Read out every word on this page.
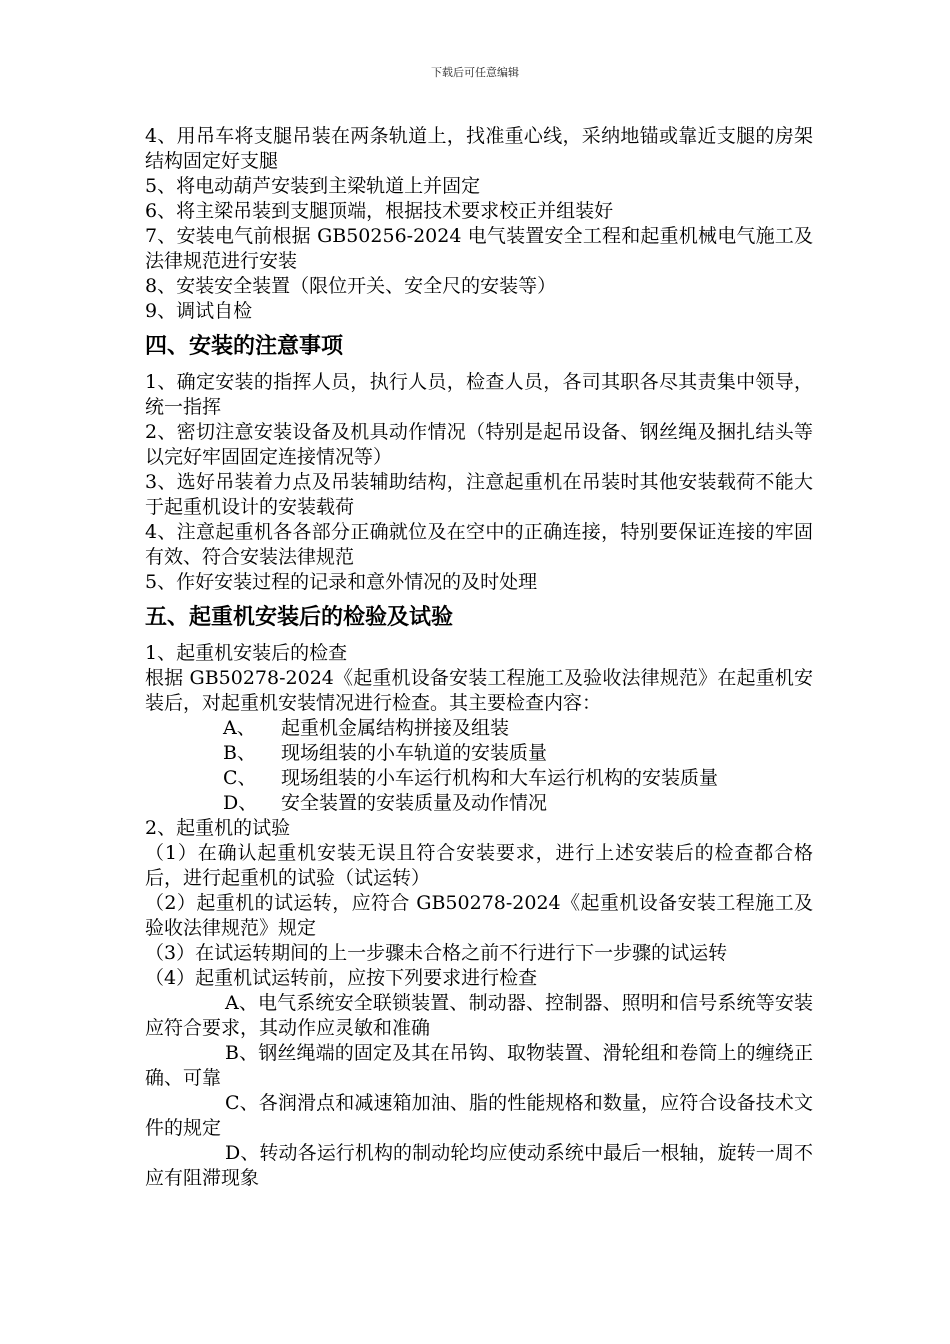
下载后可任意编辑

4、用吊车将支腿吊装在两条轨道上，找准重心线，采纳地锚或靠近支腿的房架结构固定好支腿

5、将电动葫芦安装到主梁轨道上并固定

6、将主梁吊装到支腿顶端，根据技术要求校正并组装好

7、安装电气前根据 GB50256-2024 电气装置安全工程和起重机械电气施工及法律规范进行安装

8、安装安全装置（限位开关、安全尺的安装等）

9、调试自检

四、安装的注意事项

1、确定安装的指挥人员，执行人员，检查人员，各司其职各尽其责集中领导，统一指挥

2、密切注意安装设备及机具动作情况（特别是起吊设备、钢丝绳及捆扎结头等以完好牢固固定连接情况等）

3、选好吊装着力点及吊装辅助结构，注意起重机在吊装时其他安装载荷不能大于起重机设计的安装载荷

4、注意起重机各各部分正确就位及在空中的正确连接，特别要保证连接的牢固有效、符合安装法律规范

5、作好安装过程的记录和意外情况的及时处理

五、起重机安装后的检验及试验

1、起重机安装后的检查

根据 GB50278-2024《起重机设备安装工程施工及验收法律规范》在起重机安装后，对起重机安装情况进行检查。其主要检查内容：

A、 起重机金属结构拼接及组装

B、 现场组装的小车轨道的安装质量

C、 现场组装的小车运行机构和大车运行机构的安装质量

D、 安全装置的安装质量及动作情况

2、起重机的试验

（1）在确认起重机安装无误且符合安装要求，进行上述安装后的检查都合格后，进行起重机的试验（试运转）

（2）起重机的试运转，应符合 GB50278-2024《起重机设备安装工程施工及验收法律规范》规定

（3）在试运转期间的上一步骤未合格之前不行进行下一步骤的试运转

（4）起重机试运转前，应按下列要求进行检查

A、电气系统安全联锁装置、制动器、控制器、照明和信号系统等安装应符合要求，其动作应灵敏和准确

B、钢丝绳端的固定及其在吊钩、取物装置、滑轮组和卷筒上的缠绕正确、可靠

C、各润滑点和减速箱加油、脂的性能规格和数量，应符合设备技术文件的规定

D、转动各运行机构的制动轮均应使动系统中最后一根轴，旋转一周不应有阻滞现象
